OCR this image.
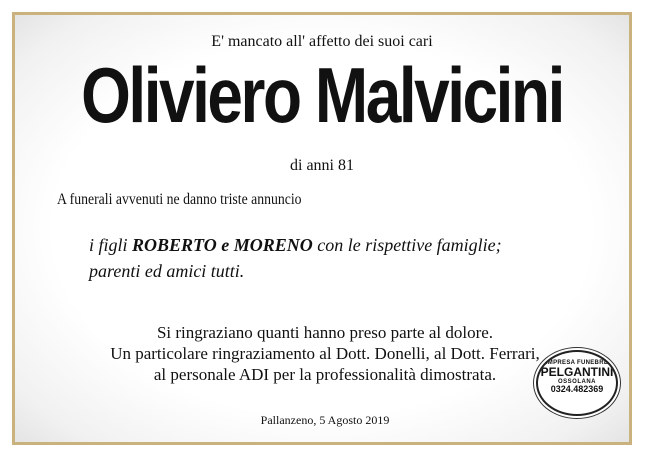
E' mancato all' affetto dei suoi cari

Oliviero Malvicini

di anni 81

A funerali avvenuti ne danno triste annuncio

i figli ROBERTO e MORENO con le rispettive famiglie;

parenti ed amici tutti.

Si ringraziano quanti hanno preso parte al dolore.

Un particolare ringraziamento al Dott. Donelli, al Dott. Ferrari,

al personale ADI per la professionalità dimostrata.

Pallanzeno, 5 Agosto 2019

IMPRESA FUNEBRE
PELGANTINI
OSSOLANA
0324.482369
